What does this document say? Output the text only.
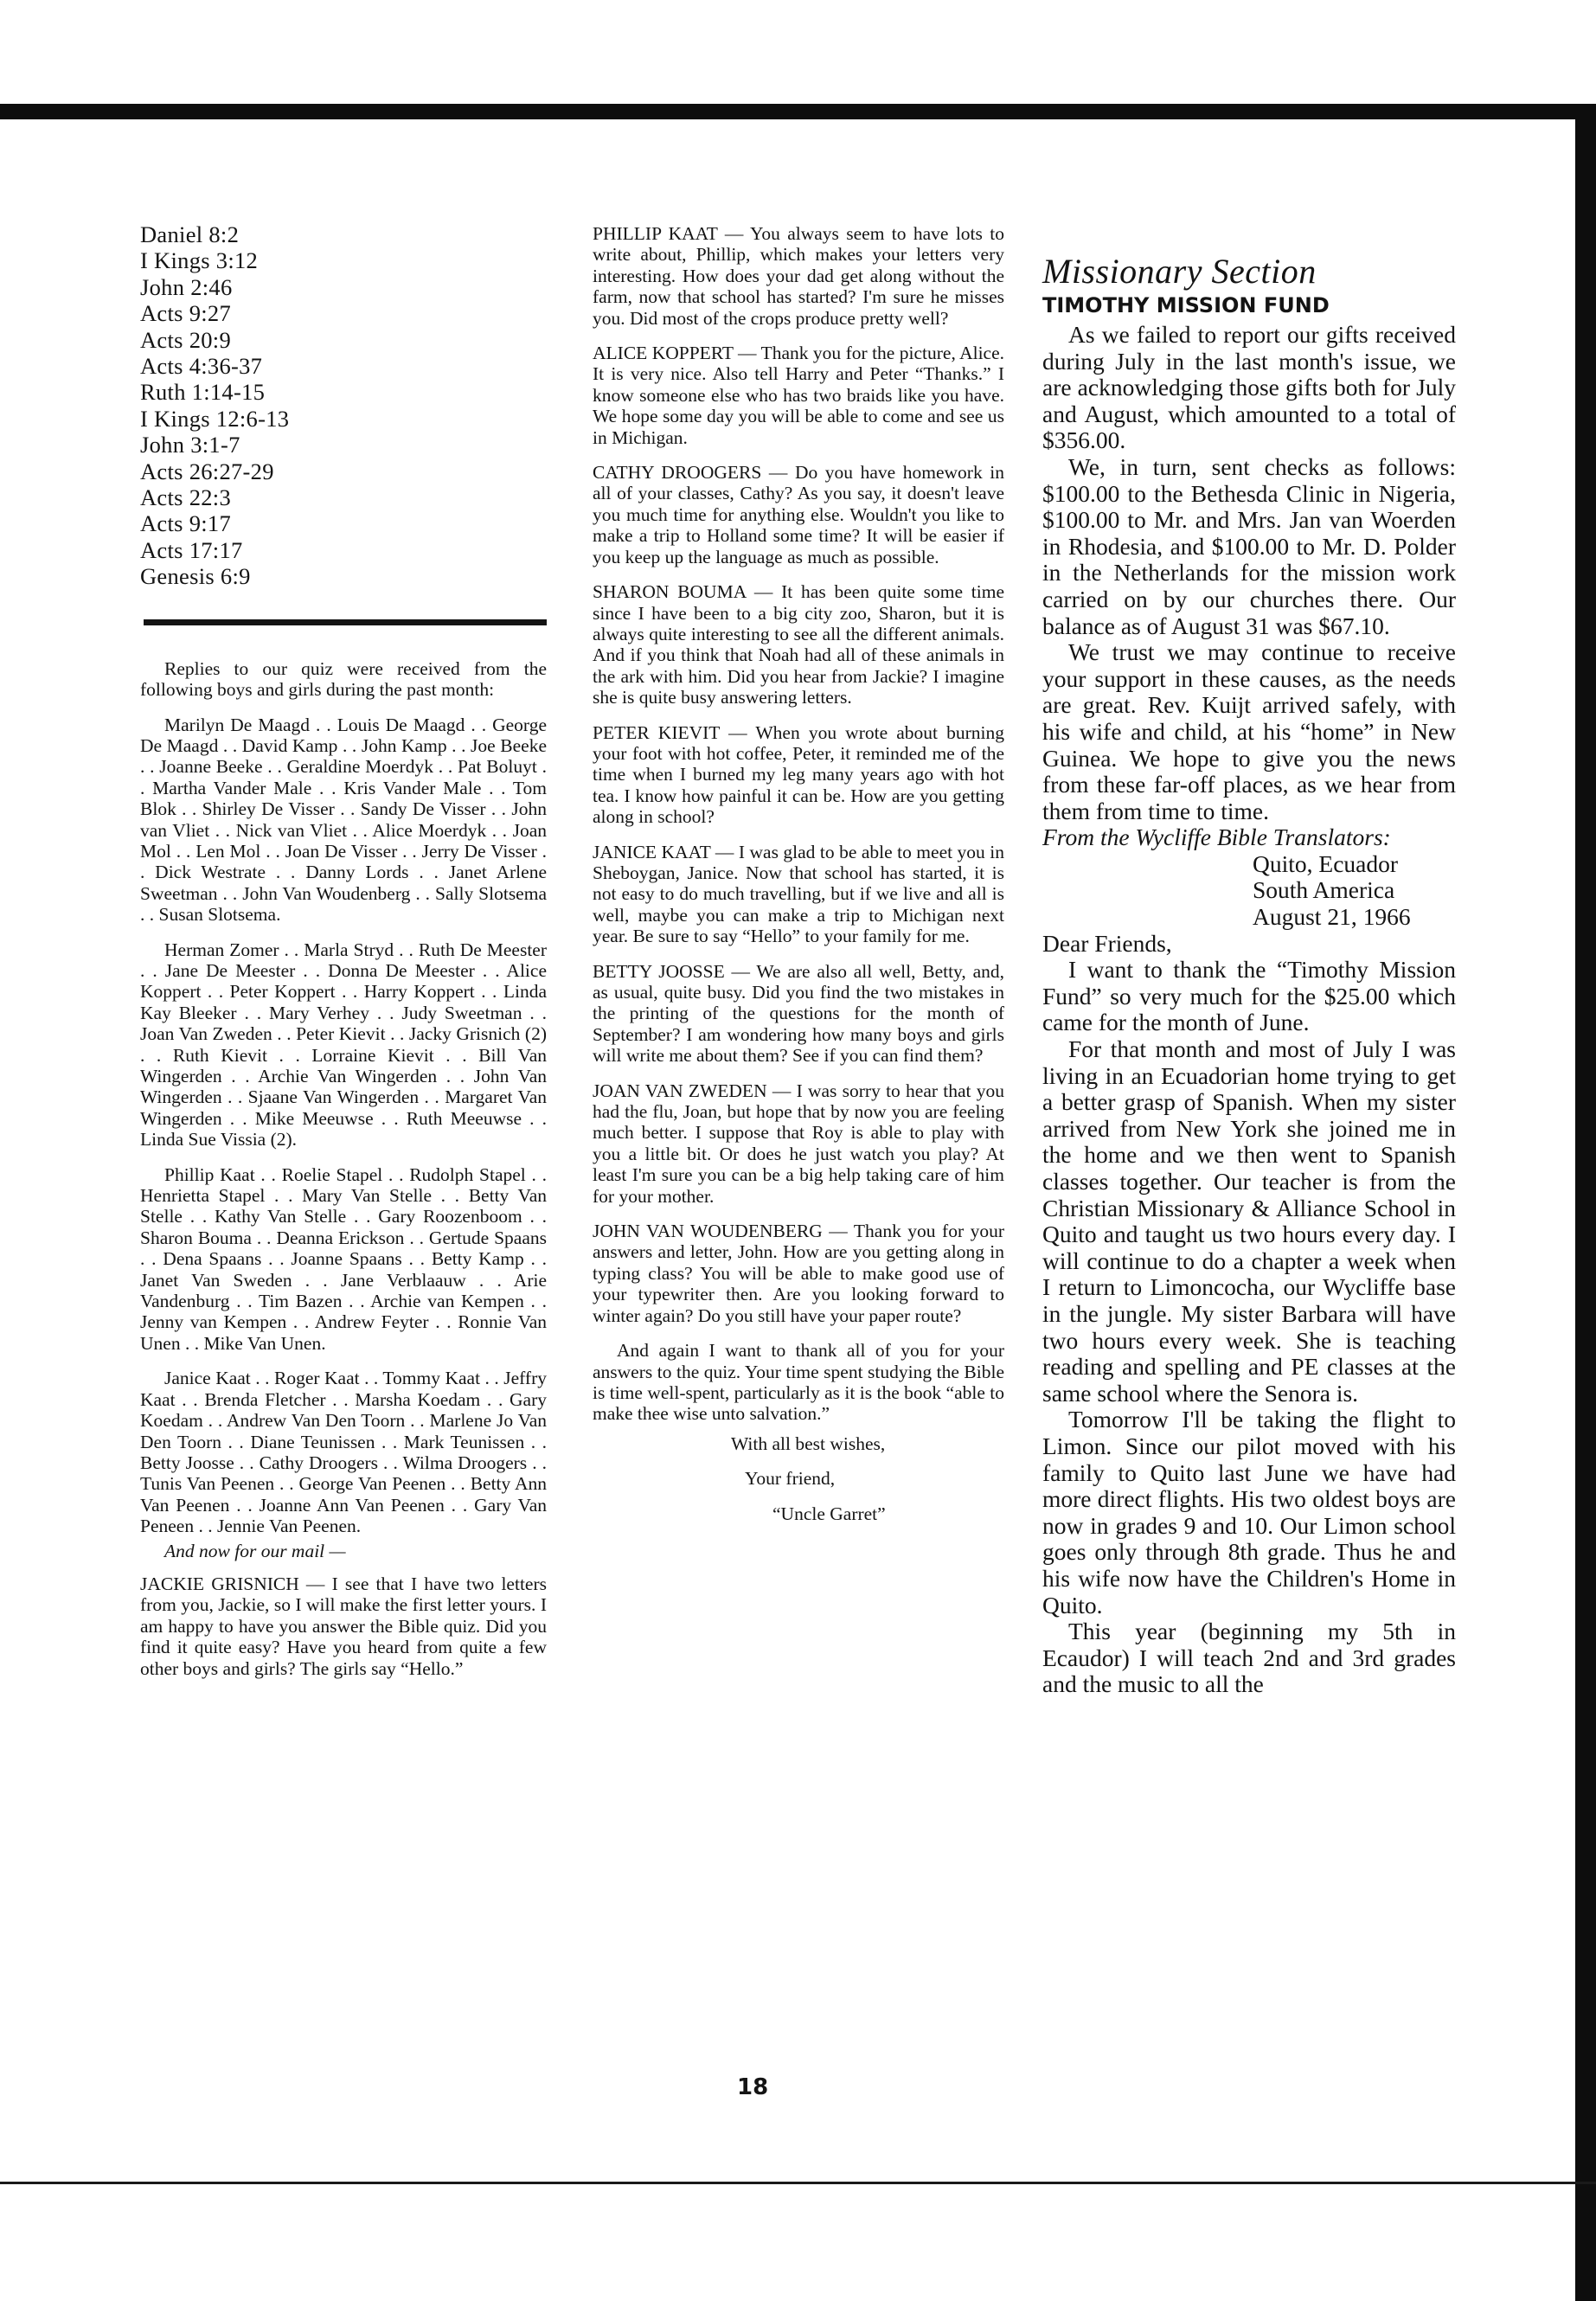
Daniel 8:2
I Kings 3:12
John 2:46
Acts 9:27
Acts 20:9
Acts 4:36-37
Ruth 1:14-15
I Kings 12:6-13
John 3:1-7
Acts 26:27-29
Acts 22:3
Acts 9:17
Acts 17:17
Genesis 6:9

Replies to our quiz were received from the following boys and girls during the past month:

Marilyn De Maagd . . Louis De Maagd . . George De Maagd . . David Kamp . . John Kamp . . Joe Beeke . . Joanne Beeke . . Geraldine Moerdyk . . Pat Boluyt . . Martha Vander Male . . Kris Vander Male . . Tom Blok . . Shirley De Visser . . Sandy De Visser . . John van Vliet . . Nick van Vliet . . Alice Moerdyk . . Joan Mol . . Len Mol . . Joan De Visser . . Jerry De Visser . . Dick Westrate . . Danny Lords . . Janet Arlene Sweetman . . John Van Woudenberg . . Sally Slotsema . . Susan Slotsema.

Herman Zomer . . Marla Stryd . . Ruth De Meester . . Jane De Meester . . Donna De Meester . . Alice Koppert . . Peter Koppert . . Harry Koppert . . Linda Kay Bleeker . . Mary Verhey . . Judy Sweetman . . Joan Van Zweden . . Peter Kievit . . Jacky Grisnich (2) . . Ruth Kievit . . Lorraine Kievit . . Bill Van Wingerden . . Archie Van Wingerden . . John Van Wingerden . . Sjaane Van Wingerden . . Margaret Van Wingerden . . Mike Meeuwse . . Ruth Meeuwse . . Linda Sue Vissia (2).

Phillip Kaat . . Roelie Stapel . . Rudolph Stapel . . Henrietta Stapel . . Mary Van Stelle . . Betty Van Stelle . . Kathy Van Stelle . . Gary Roozenboom . . Sharon Bouma . . Deanna Erickson . . Gertude Spaans . . Dena Spaans . . Joanne Spaans . . Betty Kamp . . Janet Van Sweden . . Jane Verblaauw . . Arie Vandenburg . . Tim Bazen . . Archie van Kempen . . Jenny van Kempen . . Andrew Feyter . . Ronnie Van Unen . . Mike Van Unen.

Janice Kaat . . Roger Kaat . . Tommy Kaat . . Jeffry Kaat . . Brenda Fletcher . . Marsha Koedam . . Gary Koedam . . Andrew Van Den Toorn . . Marlene Jo Van Den Toorn . . Diane Teunissen . . Mark Teunissen . . Betty Joosse . . Cathy Droogers . . Wilma Droogers . . Tunis Van Peenen . . George Van Peenen . . Betty Ann Van Peenen . . Joanne Ann Van Peenen . . Gary Van Peneen . . Jennie Van Peenen.

And now for our mail —

JACKIE GRISNICH — I see that I have two letters from you, Jackie, so I will make the first letter yours. I am happy to have you answer the Bible quiz. Did you find it quite easy? Have you heard from quite a few other boys and girls? The girls say “Hello.”

PHILLIP KAAT — You always seem to have lots to write about, Phillip, which makes your letters very interesting. How does your dad get along without the farm, now that school has started? I'm sure he misses you. Did most of the crops produce pretty well?

ALICE KOPPERT — Thank you for the picture, Alice. It is very nice. Also tell Harry and Peter “Thanks.” I know someone else who has two braids like you have. We hope some day you will be able to come and see us in Michigan.

CATHY DROOGERS — Do you have homework in all of your classes, Cathy? As you say, it doesn't leave you much time for anything else. Wouldn't you like to make a trip to Holland some time? It will be easier if you keep up the language as much as possible.

SHARON BOUMA — It has been quite some time since I have been to a big city zoo, Sharon, but it is always quite interesting to see all the different animals. And if you think that Noah had all of these animals in the ark with him. Did you hear from Jackie? I imagine she is quite busy answering letters.

PETER KIEVIT — When you wrote about burning your foot with hot coffee, Peter, it reminded me of the time when I burned my leg many years ago with hot tea. I know how painful it can be. How are you getting along in school?

JANICE KAAT — I was glad to be able to meet you in Sheboygan, Janice. Now that school has started, it is not easy to do much travelling, but if we live and all is well, maybe you can make a trip to Michigan next year. Be sure to say “Hello” to your family for me.

BETTY JOOSSE — We are also all well, Betty, and, as usual, quite busy. Did you find the two mistakes in the printing of the questions for the month of September? I am wondering how many boys and girls will write me about them? See if you can find them?

JOAN VAN ZWEDEN — I was sorry to hear that you had the flu, Joan, but hope that by now you are feeling much better. I suppose that Roy is able to play with you a little bit. Or does he just watch you play? At least I'm sure you can be a big help taking care of him for your mother.

JOHN VAN WOUDENBERG — Thank you for your answers and letter, John. How are you getting along in typing class? You will be able to make good use of your typewriter then. Are you looking forward to winter again? Do you still have your paper route?

And again I want to thank all of you for your answers to the quiz. Your time spent studying the Bible is time well-spent, particularly as it is the book “able to make thee wise unto salvation.”

With all best wishes,

Your friend,

“Uncle Garret”

18
Missionary Section
TIMOTHY MISSION FUND

As we failed to report our gifts received during July in the last month's issue, we are acknowledging those gifts both for July and August, which amounted to a total of $356.00.

We, in turn, sent checks as follows: $100.00 to the Bethesda Clinic in Nigeria, $100.00 to Mr. and Mrs. Jan van Woerden in Rhodesia, and $100.00 to Mr. D. Polder in the Netherlands for the mission work carried on by our churches there. Our balance as of August 31 was $67.10.

We trust we may continue to receive your support in these causes, as the needs are great. Rev. Kuijt arrived safely, with his wife and child, at his “home” in New Guinea. We hope to give you the news from these far-off places, as we hear from them from time to time.

From the Wycliffe Bible Translators:

Quito, Ecuador
South America
August 21, 1966
Dear Friends,

I want to thank the “Timothy Mission Fund” so very much for the $25.00 which came for the month of June.

For that month and most of July I was living in an Ecuadorian home trying to get a better grasp of Spanish. When my sister arrived from New York she joined me in the home and we then went to Spanish classes together. Our teacher is from the Christian Missionary & Alliance School in Quito and taught us two hours every day. I will continue to do a chapter a week when I return to Limoncocha, our Wycliffe base in the jungle. My sister Barbara will have two hours every week. She is teaching reading and spelling and PE classes at the same school where the Senora is.

Tomorrow I'll be taking the flight to Limon. Since our pilot moved with his family to Quito last June we have had more direct flights. His two oldest boys are now in grades 9 and 10. Our Limon school goes only through 8th grade. Thus he and his wife now have the Children's Home in Quito.

This year (beginning my 5th in Ecaudor) I will teach 2nd and 3rd grades and the music to all the
